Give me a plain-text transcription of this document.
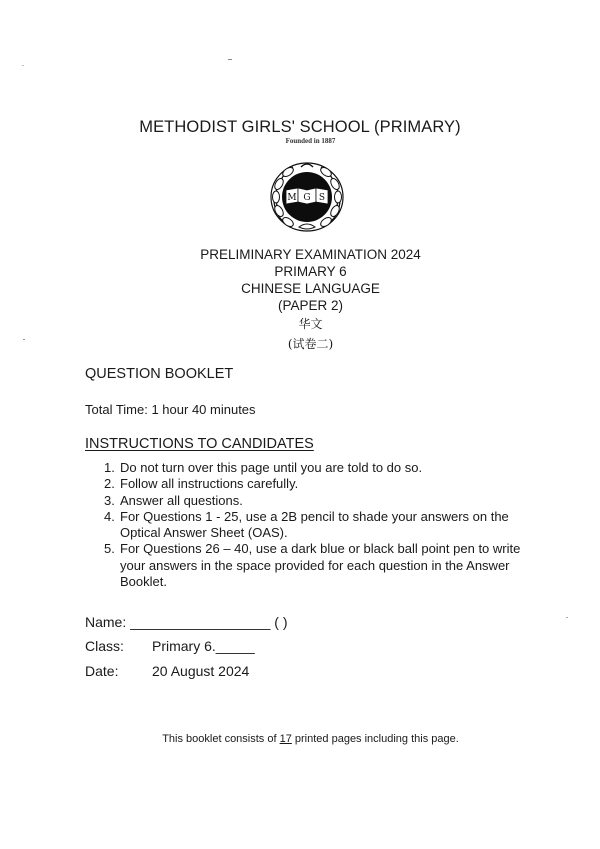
METHODIST GIRLS' SCHOOL (PRIMARY)
Founded in 1887
M G S
PRELIMINARY EXAMINATION 2024
PRIMARY 6
CHINESE LANGUAGE
(PAPER 2)
华文
(试卷二)
QUESTION BOOKLET
Total Time: 1 hour 40 minutes
INSTRUCTIONS TO CANDIDATES
1. Do not turn over this page until you are told to do so.
2. Follow all instructions carefully.
3. Answer all questions.
4. For Questions 1 - 25, use a 2B pencil to shade your answers on the Optical Answer Sheet (OAS).
5. For Questions 26 – 40, use a dark blue or black ball point pen to write your answers in the space provided for each question in the Answer Booklet.
Name: __________________ ( )
Class: Primary 6._____
Date: 20 August 2024
This booklet consists of 17 printed pages including this page.
